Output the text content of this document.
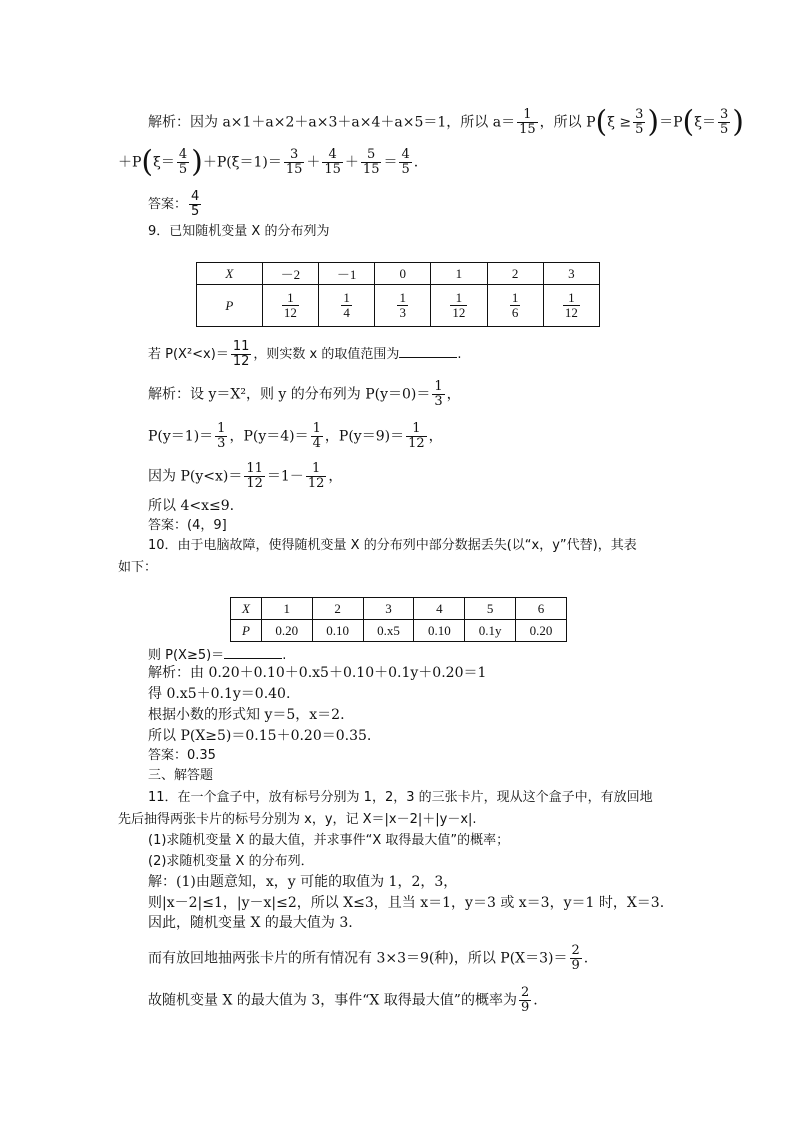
解析：因为 a×1＋a×2＋a×3＋a×4＋a×5＝1，所以 $a= \frac{1}{15}$ ，所以 $P(\xi \ge \frac{3}{5} )=P(\xi= \frac{3}{5}$ )
$+P(\xi= \frac{4}{5} )+P(\xi=1)= \frac{3}{15} + \frac{4}{15} + \frac{5}{15} = \frac{4}{5}$ .
答案： $\frac{4}{5}$
9．已知随机变量 X 的分布列为
X	－2	－1	0	1	2	3
P	$\frac{1}{12}$	$\frac{1}{4}$	$\frac{1}{3}$	$\frac{1}{12}$	$\frac{1}{6}$	$\frac{1}{12}$
若 $P(X^2<x)= \frac{11}{12}$ ，则实数 x 的取值范围为	.
解析：设 y＝X²，则 y 的分布列为 $P(y=0)= \frac{1}{3}$ ，
$P(y=1)= \frac{1}{3}$ ，$P(y=4)= \frac{1}{4}$ ，$P(y=9)= \frac{1}{12}$ ，
因为 $P(y<x)= \frac{11}{12} =1- \frac{1}{12}$ ，
所以 4<x≤9.
答案：(4，9]
10．由于电脑故障，使得随机变量 X 的分布列中部分数据丢失(以“x，y”代替)，其表
如下：
X	1	2	3	4	5	6
P	0.20	0.10	0.x5	0.10	0.1y	0.20
则 P(X≥5)＝	.
解析：由 0.20＋0.10＋0.x5＋0.10＋0.1y＋0.20＝1
得 0.x5＋0.1y＝0.40.
根据小数的形式知 y＝5，x＝2.
所以 P(X≥5)＝0.15＋0.20＝0.35.
答案：0.35
三、解答题
11．在一个盒子中，放有标号分别为 1，2，3 的三张卡片，现从这个盒子中，有放回地
先后抽得两张卡片的标号分别为 x，y，记 X＝|x－2|＋|y－x|.
(1)求随机变量 X 的最大值，并求事件“X 取得最大值”的概率；
(2)求随机变量 X 的分布列．
解：(1)由题意知，x，y 可能的取值为 1，2，3，
则|x－2|≤1，|y－x|≤2，所以 X≤3，且当 x＝1，y＝3 或 x＝3，y＝1 时，X＝3.
因此，随机变量 X 的最大值为 3.
而有放回地抽两张卡片的所有情况有 3×3＝9(种)，所以 $P(X=3)= \frac{2}{9}$ .
故随机变量 X 的最大值为 3，事件“X 取得最大值”的概率为 $\frac{2}{9}$ .
